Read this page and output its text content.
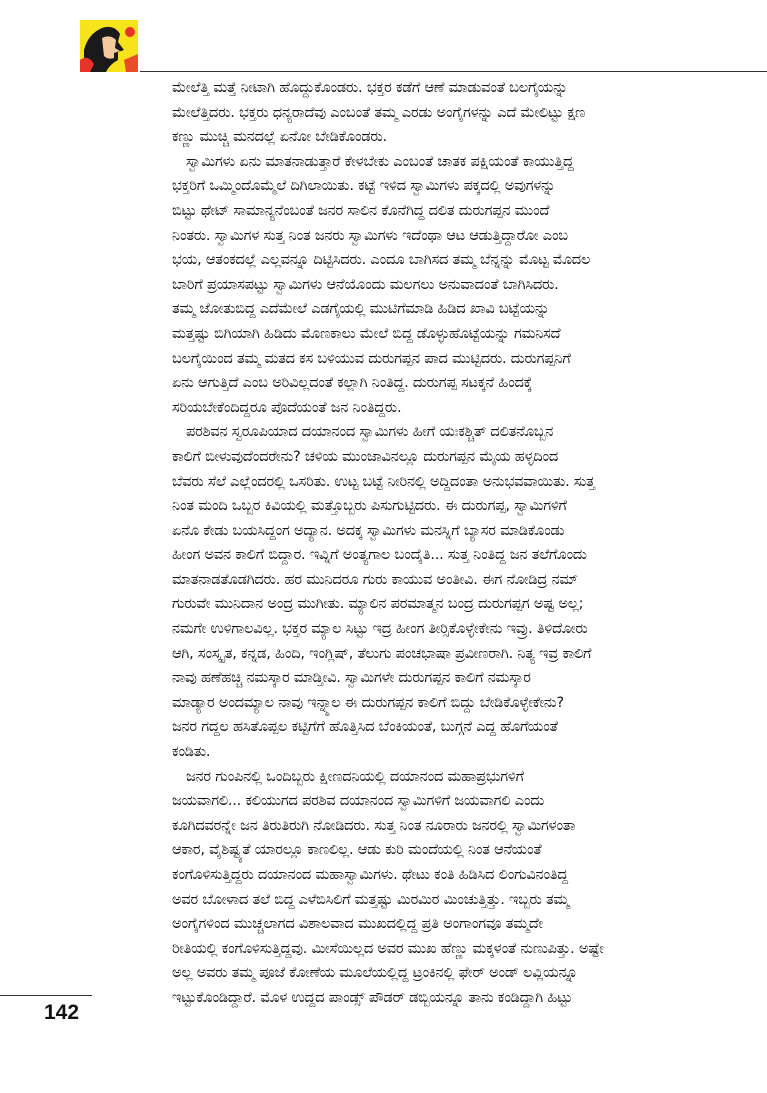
ಮೇಲೆತ್ತಿ ಮತ್ತೆ ನೀಟಾಗಿ ಹೊದ್ದುಕೊಂಡರು. ಭಕ್ತರ ಕಡೆಗೆ ಆಣೆ ಮಾಡುವಂತೆ ಬಲಗೈಯನ್ನು
ಮೇಲೆತ್ತಿದರು. ಭಕ್ತರು ಧನ್ಯರಾದೆವು ಎಂಬಂತೆ ತಮ್ಮ ಎರಡು ಅಂಗೈಗಳನ್ನು ಎದೆ ಮೇಲಿಟ್ಟು ಕ್ಷಣ
ಕಣ್ಣು ಮುಚ್ಚಿ ಮನದಲ್ಲೆ ಏನೋ ಬೇಡಿಕೊಂಡರು.
ಸ್ವಾಮಿಗಳು ಏನು ಮಾತನಾಡುತ್ತಾರೆ ಕೇಳಬೇಕು ಎಂಬಂತೆ ಚಾತಕ ಪಕ್ಷಿಯಂತೆ ಕಾಯುತ್ತಿದ್ದ
ಭಕ್ತರಿಗೆ ಒಮ್ಮಿಂದೊಮ್ಮೆಲೆ ದಿಗಿಲಾಯಿತು. ಕಟ್ಟೆ ಇಳಿದ ಸ್ವಾಮಿಗಳು ಪಕ್ಕದಲ್ಲಿ ಅವುಗಳನ್ನು
ಬಿಟ್ಟು ಥೇಟ್ ಸಾಮಾನ್ಯನೆಂಬಂತೆ ಜನರ ಸಾಲಿನ ಕೊನೆಗಿದ್ದ ದಲಿತ ದುರುಗಪ್ಪನ ಮುಂದೆ
ನಿಂತರು. ಸ್ವಾಮಿಗಳ ಸುತ್ತ ನಿಂತ ಜನರು ಸ್ವಾಮಿಗಳು ಇದೆಂಥಾ ಆಟ ಆಡುತ್ತಿದ್ದಾರೋ ಎಂಬ
ಭಯ, ಆತಂಕದಲ್ಲೆ ಎಲ್ಲವನ್ನೂ ದಿಟ್ಟಿಸಿದರು. ಎಂದೂ ಬಾಗಿಸದ ತಮ್ಮ ಬೆನ್ನನ್ನು ಮೊಟ್ಟ ಮೊದಲ
ಬಾರಿಗೆ ಪ್ರಯಾಸಪಟ್ಟು ಸ್ವಾಮಿಗಳು ಆನೆಯೊಂದು ಮಲಗಲು ಅನುವಾದಂತೆ ಬಾಗಿಸಿದರು.
ತಮ್ಮ ಜೋತುಬಿದ್ದ ಎದೆಮೇಲೆ ಎಡಗೈಯಲ್ಲಿ ಮುಟಿಗೆಮಾಡಿ ಹಿಡಿದ ಖಾವಿ ಬಟ್ಟೆಯನ್ನು
ಮತ್ತಷ್ಟು ಬಿಗಿಯಾಗಿ ಹಿಡಿದು ಮೊಣಕಾಲು ಮೇಲೆ ಬಿದ್ದ ಡೊಳ್ಳುಹೊಟ್ಟೆಯನ್ನು ಗಮನಿಸದೆ
ಬಲಗೈಯಿಂದ ತಮ್ಮ ಮತದ ಕಸ ಬಳಿಯುವ ದುರುಗಪ್ಪನ ಪಾದ ಮುಟ್ಟಿದರು. ದುರುಗಪ್ಪನಿಗೆ
ಏನು ಆಗುತ್ತಿದೆ ಎಂಬ ಅರಿವಿಲ್ಲದಂತೆ ಕಲ್ಲಾಗಿ ನಿಂತಿದ್ದ. ದುರುಗಪ್ಪ ಸಟಕ್ಕನೆ ಹಿಂದಕ್ಕೆ
ಸರಿಯಬೇಕೆಂದಿದ್ದರೂ ಪೊದೆಯಂತೆ ಜನ ನಿಂತಿದ್ದರು.
ಪರಶಿವನ ಸ್ವರೂಪಿಯಾದ ದಯಾನಂದ ಸ್ವಾಮಿಗಳು ಹೀಗೆ ಯಃಕಶ್ಚಿತ್ ದಲಿತನೊಬ್ಬನ
ಕಾಲಿಗೆ ಬೀಳುವುದೆಂದರೇನು? ಚಳಿಯ ಮುಂಜಾವಿನಲ್ಲೂ ದುರುಗಪ್ಪನ ಮೈಯ ಹಳ್ಳದಿಂದ
ಬೆವರು ಸೆಲೆ ಎಲ್ಲೆಂದರಲ್ಲಿ ಒಸರಿತು. ಉಟ್ಟ ಬಟ್ಟೆ ನೀರಿನಲ್ಲಿ ಅದ್ದಿದಂತಾ ಅನುಭವವಾಯಿತು. ಸುತ್ತ
ನಿಂತ ಮಂದಿ ಒಬ್ಬರ ಕಿವಿಯಲ್ಲಿ ಮತ್ತೊಬ್ಬರು ಪಿಸುಗುಟ್ಟಿದರು. ಈ ದುರುಗಪ್ಪ, ಸ್ವಾಮಿಗಳಿಗೆ
ಏನೊ ಕೇಡು ಬಯಸಿದ್ದಂಗ ಅದ್ಯಾನ. ಅದಕ್ಕ ಸ್ವಾಮಿಗಳು ಮನಸ್ನಿಗೆ ಬ್ಯಾಸರ ಮಾಡಿಕೊಂಡು
ಹೀಂಗ ಅವನ ಕಾಲಿಗೆ ಬಿದ್ದಾರ. ಇವ್ನಿಗೆ ಅಂತ್ಯಗಾಲ ಬಂದೈತಿ... ಸುತ್ತ ನಿಂತಿದ್ದ ಜನ ತಲೆಗೊಂದು
ಮಾತನಾಡತೊಡಗಿದರು. ಹರ ಮುನಿದರೂ ಗುರು ಕಾಯುವ ಅಂತೀವಿ. ಈಗ ನೋಡಿದ್ರ ನಮ್
ಗುರುವೇ ಮುನಿದಾನ ಅಂದ್ರ ಮುಗೀತು. ಮ್ಯಾಲಿನ ಪರಮಾತ್ಮನ ಬಂದ್ರ ದುರುಗಪ್ಪಗ ಅಷ್ಟ ಅಲ್ಲ;
ನಮಗೇ ಉಳಿಗಾಲವಿಲ್ಲ. ಭಕ್ತರ ಮ್ಯಾಲ ಸಿಟ್ಟು ಇದ್ರ ಹೀಂಗ ತೀರ್‍ಸಿಕೊಳ್ಳೇಕೇನು ಇವ್ರು. ತಿಳಿದೋರು
ಆಗಿ, ಸಂಸ್ಕೃತ, ಕನ್ನಡ, ಹಿಂದಿ, ಇಂಗ್ಲಿಷ್, ತೆಲುಗು ಪಂಚಭಾಷಾ ಪ್ರವೀಣರಾಗಿ. ನಿತ್ಯ ಇವ್ರ ಕಾಲಿಗೆ
ನಾವು ಹಣೆಹಚ್ಚಿ ನಮಸ್ಕಾರ ಮಾಡ್ತೀವಿ. ಸ್ವಾಮಿಗಳೇ ದುರುಗಪ್ಪನ ಕಾಲಿಗೆ ನಮಸ್ಕಾರ
ಮಾಡ್ಯಾರ ಅಂದಮ್ಯಾಲ ನಾವು ಇನ್ನ್ಮಾಲ ಈ ದುರುಗಪ್ಪನ ಕಾಲಿಗೆ ಬಿದ್ದು ಬೇಡಿಕೊಳ್ಳೇಕೇನು?
ಜನರ ಗದ್ದಲ ಹಸಿತೊಪ್ಪಲ ಕಟ್ಟಿಗೆಗೆ ಹೊತ್ತಿಸಿದ ಬೆಂಕಿಯಂತೆ, ಬುಗ್ಗನೆ ಎದ್ದ ಹೊಗೆಯಂತೆ
ಕಂಡಿತು.
ಜನರ ಗುಂಪಿನಲ್ಲಿ ಒಂದಿಬ್ಬರು ಕ್ಷೀಣದನಿಯಲ್ಲಿ ದಯಾನಂದ ಮಹಾಪ್ರಭುಗಳಿಗೆ
ಜಯವಾಗಲಿ... ಕಲಿಯುಗದ ಪರಶಿವ ದಯಾನಂದ ಸ್ವಾಮಿಗಳಿಗೆ ಜಯವಾಗಲಿ ಎಂದು
ಕೂಗಿದವರನ್ನೇ ಜನ ತಿರುತಿರುಗಿ ನೋಡಿದರು. ಸುತ್ತ ನಿಂತ ನೂರಾರು ಜನರಲ್ಲಿ ಸ್ವಾಮಿಗಳಂತಾ
ಆಕಾರ, ವೈಶಿಷ್ಟ್ಯತೆ ಯಾರಲ್ಲೂ ಕಾಣಲಿಲ್ಲ. ಆಡು ಕುರಿ ಮಂದೆಯಲ್ಲಿ ನಿಂತ ಆನೆಯಂತೆ
ಕಂಗೊಳಿಸುತ್ತಿದ್ದರು ದಯಾನಂದ ಮಹಾಸ್ವಾಮಿಗಳು. ಥೇಟು ಕಂತಿ ಹಿಡಿಸಿದ ಲಿಂಗುವಿನಂತಿದ್ದ
ಅವರ ಬೋಳಾದ ತಲೆ ಬಿದ್ದ ಎಳೆಬಿಸಿಲಿಗೆ ಮತ್ತಷ್ಟು ಮಿರಮಿರ ಮಿಂಚುತ್ತಿತ್ತು. ಇಬ್ಬರು ತಮ್ಮ
ಅಂಗೈಗಳಿಂದ ಮುಚ್ಚಲಾಗದ ವಿಶಾಲವಾದ ಮುಖದಲ್ಲಿದ್ದ ಪ್ರತಿ ಅಂಗಾಂಗವೂ ತಮ್ಮದೇ
ರೀತಿಯಲ್ಲಿ ಕಂಗೊಳಿಸುತ್ತಿದ್ದವು. ಮೀಸೆಯಿಲ್ಲದ ಅವರ ಮುಖ ಹೆಣ್ಣು ಮಕ್ಕಳಂತೆ ನುಣುಪಿತ್ತು. ಅಷ್ಟೇ
ಅಲ್ಲ ಅವರು ತಮ್ಮ ಪೂಜೆ ಕೋಣೆಯ ಮೂಲೆಯಲ್ಲಿದ್ದ ಟ್ರಂಕಿನಲ್ಲಿ ಫೇರ್ ಅಂಡ್ ಲವ್ಲಿಯನ್ನೂ
ಇಟ್ಟುಕೊಂಡಿದ್ದಾರೆ. ಮೊಳ ಉದ್ದದ ಪಾಂಡ್ಸ್ ಪೌಡರ್ ಡಬ್ಬಿಯನ್ನೂ ತಾನು ಕಂಡಿದ್ದಾಗಿ ಹಿಟ್ಟು
142
